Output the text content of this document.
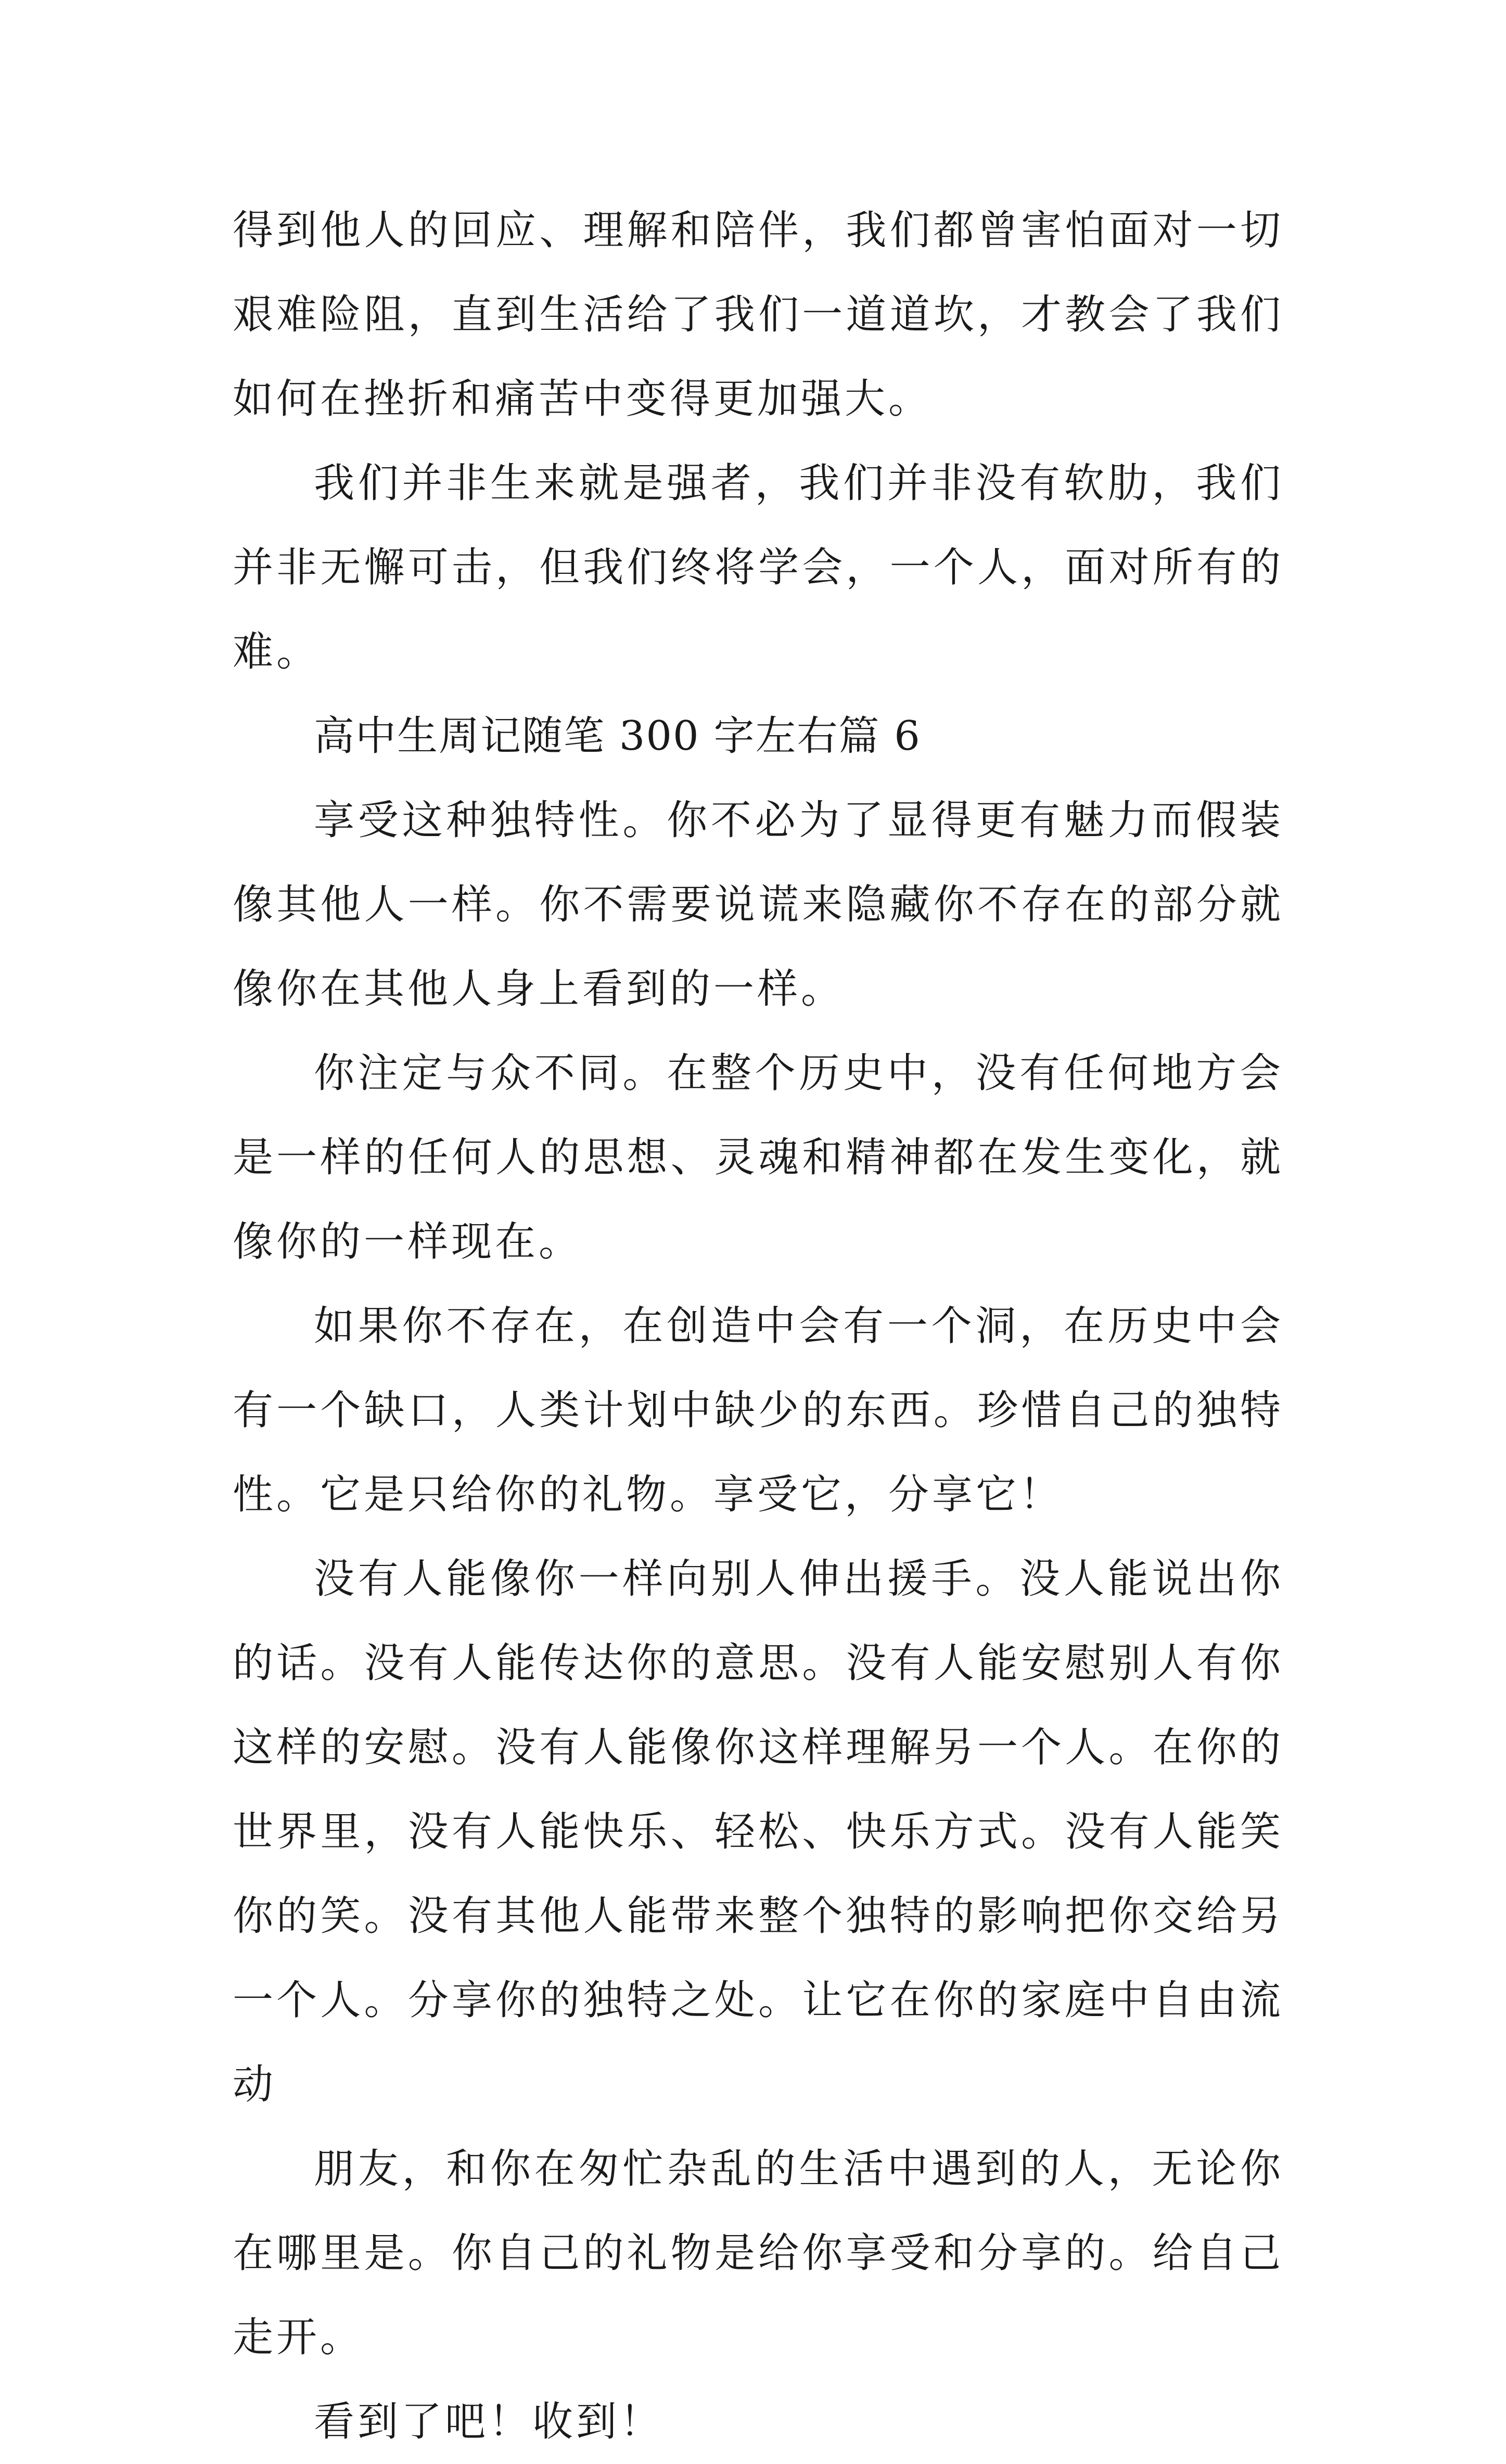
得到他人的回应、理解和陪伴，我们都曾害怕面对一切艰难险阻，直到生活给了我们一道道坎，才教会了我们如何在挫折和痛苦中变得更加强大。

我们并非生来就是强者，我们并非没有软肋，我们并非无懈可击，但我们终将学会，一个人，面对所有的难。

高中生周记随笔 300 字左右篇 6

享受这种独特性。你不必为了显得更有魅力而假装像其他人一样。你不需要说谎来隐藏你不存在的部分就像你在其他人身上看到的一样。

你注定与众不同。在整个历史中，没有任何地方会是一样的任何人的思想、灵魂和精神都在发生变化，就像你的一样现在。

如果你不存在，在创造中会有一个洞，在历史中会有一个缺口，人类计划中缺少的东西。珍惜自己的独特性。它是只给你的礼物。享受它，分享它！

没有人能像你一样向别人伸出援手。没人能说出你的话。没有人能传达你的意思。没有人能安慰别人有你这样的安慰。没有人能像你这样理解另一个人。在你的世界里，没有人能快乐、轻松、快乐方式。没有人能笑你的笑。没有其他人能带来整个独特的影响把你交给另一个人。分享你的独特之处。让它在你的家庭中自由流动

朋友，和你在匆忙杂乱的生活中遇到的人，无论你在哪里是。你自己的礼物是给你享受和分享的。给自己走开。

看到了吧！收到！
